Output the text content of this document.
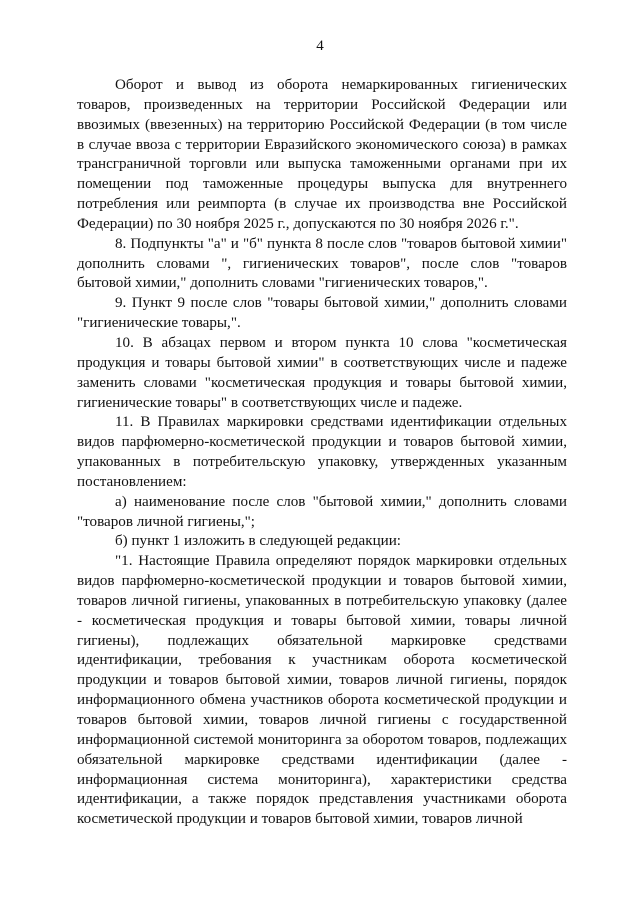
4

Оборот и вывод из оборота немаркированных гигиенических товаров, произведенных на территории Российской Федерации или ввозимых (ввезенных) на территорию Российской Федерации (в том числе в случае ввоза с территории Евразийского экономического союза) в рамках трансграничной торговли или выпуска таможенными органами при их помещении под таможенные процедуры выпуска для внутреннего потребления или реимпорта (в случае их производства вне Российской Федерации) по 30 ноября 2025 г., допускаются по 30 ноября 2026 г.".

8. Подпункты "а" и "б" пункта 8 после слов "товаров бытовой химии" дополнить словами ", гигиенических товаров", после слов "товаров бытовой химии," дополнить словами "гигиенических товаров,".

9. Пункт 9 после слов "товары бытовой химии," дополнить словами "гигиенические товары,".

10. В абзацах первом и втором пункта 10 слова "косметическая продукция и товары бытовой химии" в соответствующих числе и падеже заменить словами "косметическая продукция и товары бытовой химии, гигиенические товары" в соответствующих числе и падеже.

11. В Правилах маркировки средствами идентификации отдельных видов парфюмерно-косметической продукции и товаров бытовой химии, упакованных в потребительскую упаковку, утвержденных указанным постановлением:

а) наименование после слов "бытовой химии," дополнить словами "товаров личной гигиены,";

б) пункт 1 изложить в следующей редакции:

"1. Настоящие Правила определяют порядок маркировки отдельных видов парфюмерно-косметической продукции и товаров бытовой химии, товаров личной гигиены, упакованных в потребительскую упаковку (далее - косметическая продукция и товары бытовой химии, товары личной гигиены), подлежащих обязательной маркировке средствами идентификации, требования к участникам оборота косметической продукции и товаров бытовой химии, товаров личной гигиены, порядок информационного обмена участников оборота косметической продукции и товаров бытовой химии, товаров личной гигиены с государственной информационной системой мониторинга за оборотом товаров, подлежащих обязательной маркировке средствами идентификации (далее - информационная система мониторинга), характеристики средства идентификации, а также порядок представления участниками оборота косметической продукции и товаров бытовой химии, товаров личной
